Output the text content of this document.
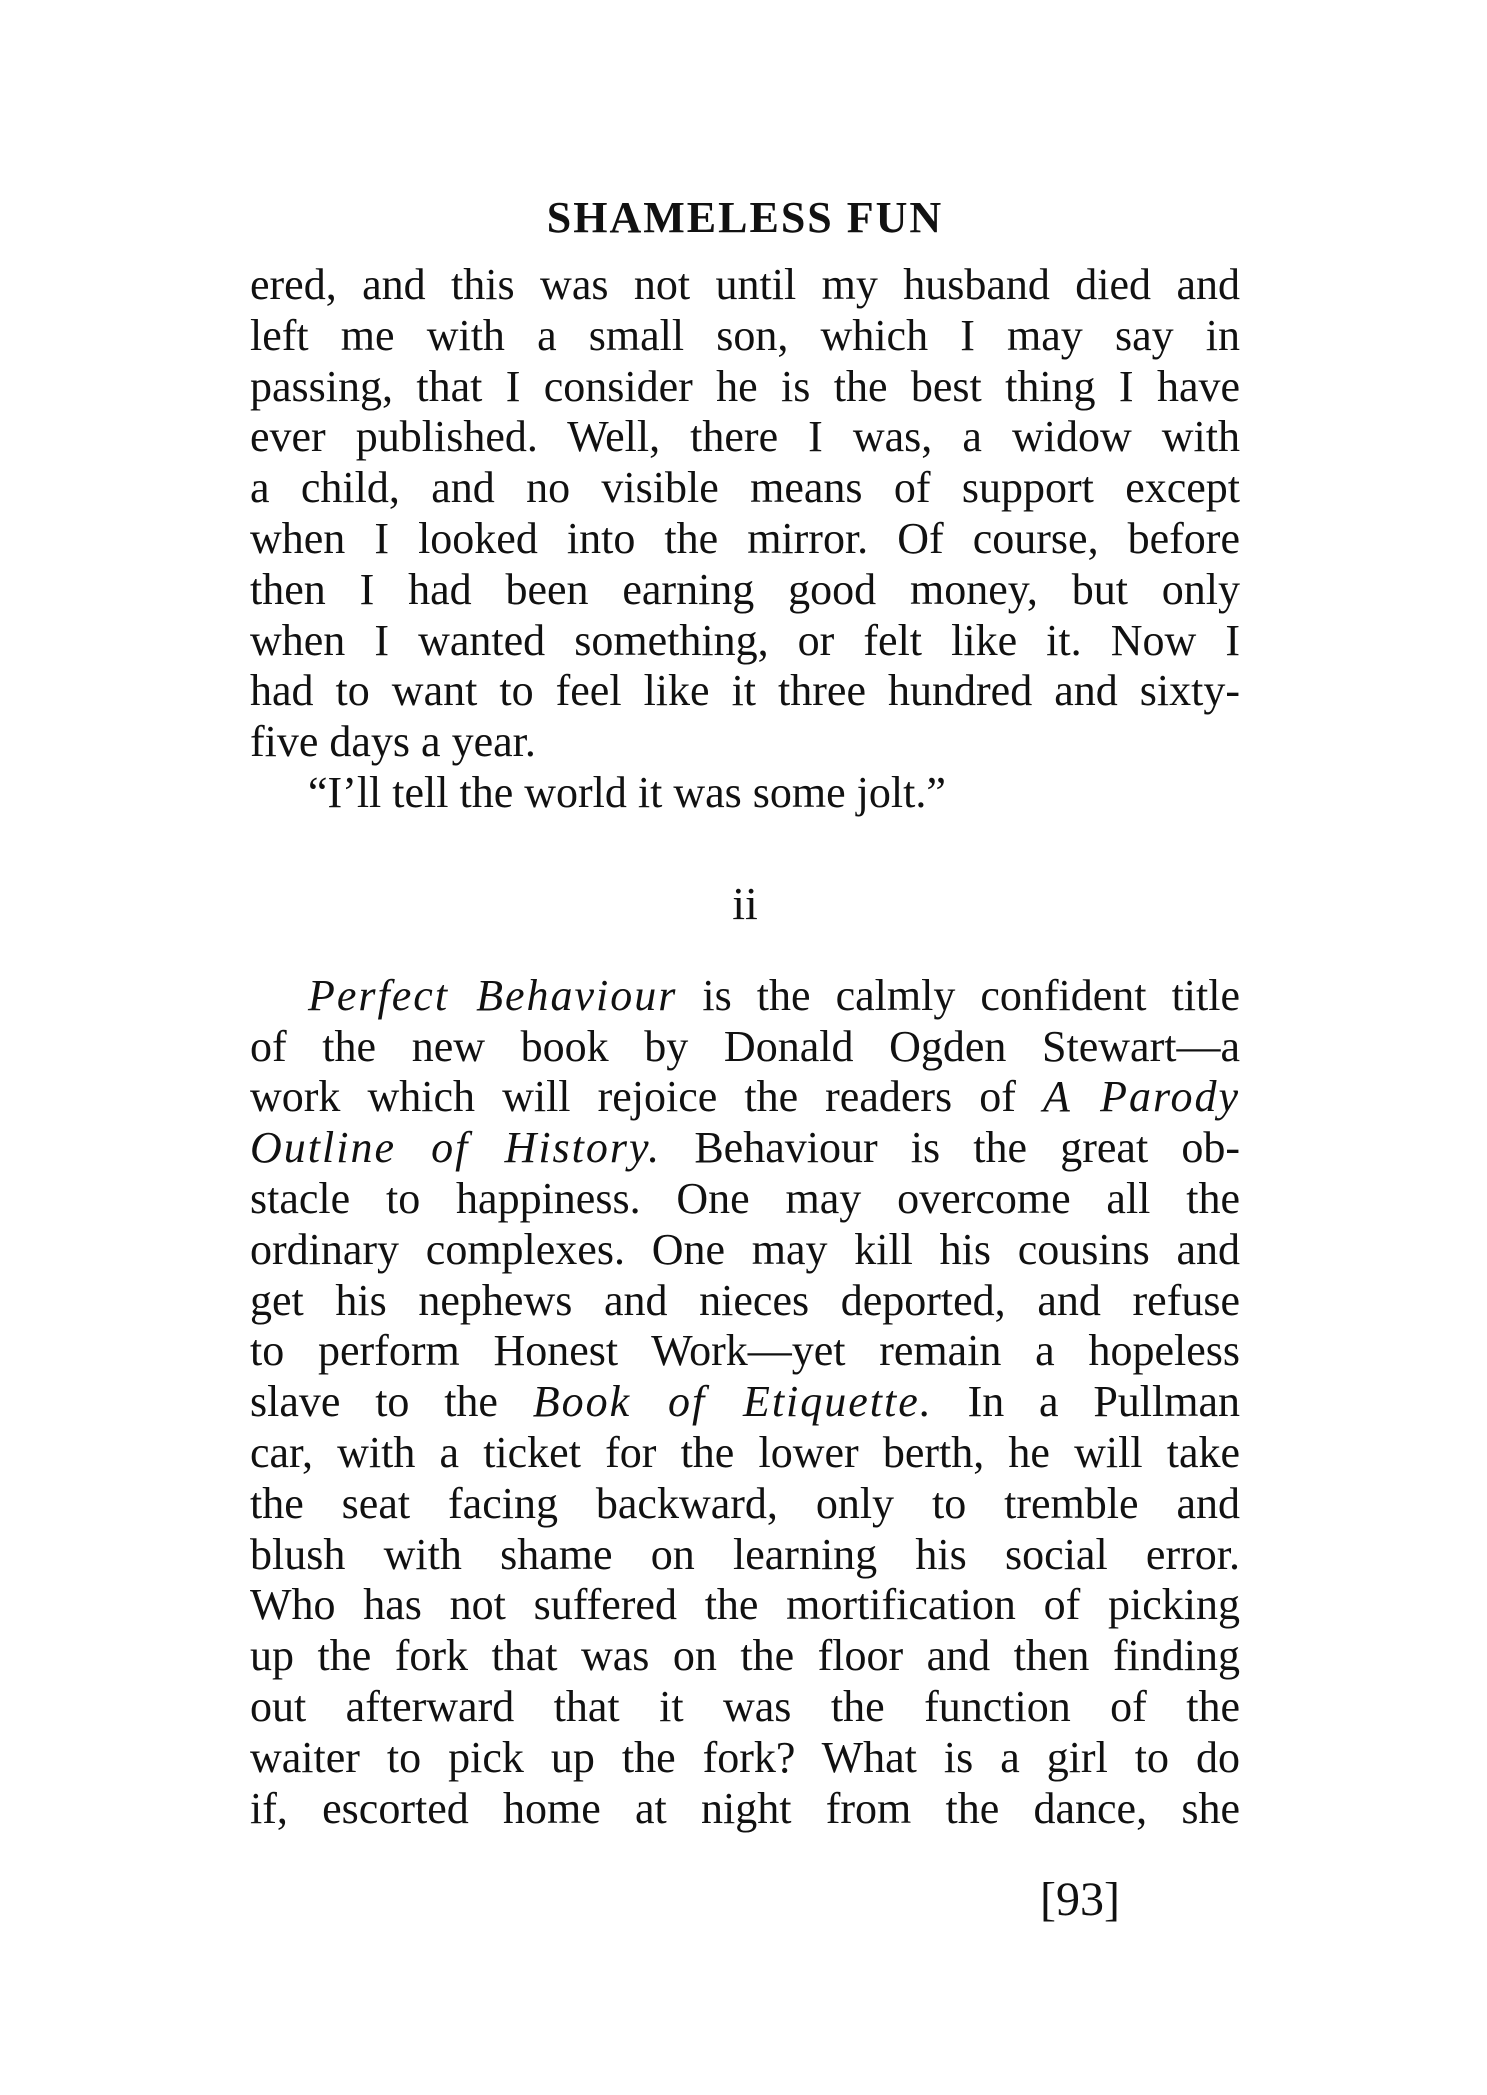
SHAMELESS FUN
ered, and this was not until my husband died and
left me with a small son, which I may say in
passing, that I consider he is the best thing I have
ever published. Well, there I was, a widow with
a child, and no visible means of support except
when I looked into the mirror. Of course, before
then I had been earning good money, but only
when I wanted something, or felt like it. Now I
had to want to feel like it three hundred and sixty-
five days a year.
“I’ll tell the world it was some jolt.”
ii
Perfect Behaviour is the calmly confident title
of the new book by Donald Ogden Stewart—a
work which will rejoice the readers of A Parody
Outline of History. Behaviour is the great ob-
stacle to happiness. One may overcome all the
ordinary complexes. One may kill his cousins and
get his nephews and nieces deported, and refuse
to perform Honest Work—yet remain a hopeless
slave to the Book of Etiquette. In a Pullman
car, with a ticket for the lower berth, he will take
the seat facing backward, only to tremble and
blush with shame on learning his social error.
Who has not suffered the mortification of picking
up the fork that was on the floor and then finding
out afterward that it was the function of the
waiter to pick up the fork? What is a girl to do
if, escorted home at night from the dance, she
[93]
